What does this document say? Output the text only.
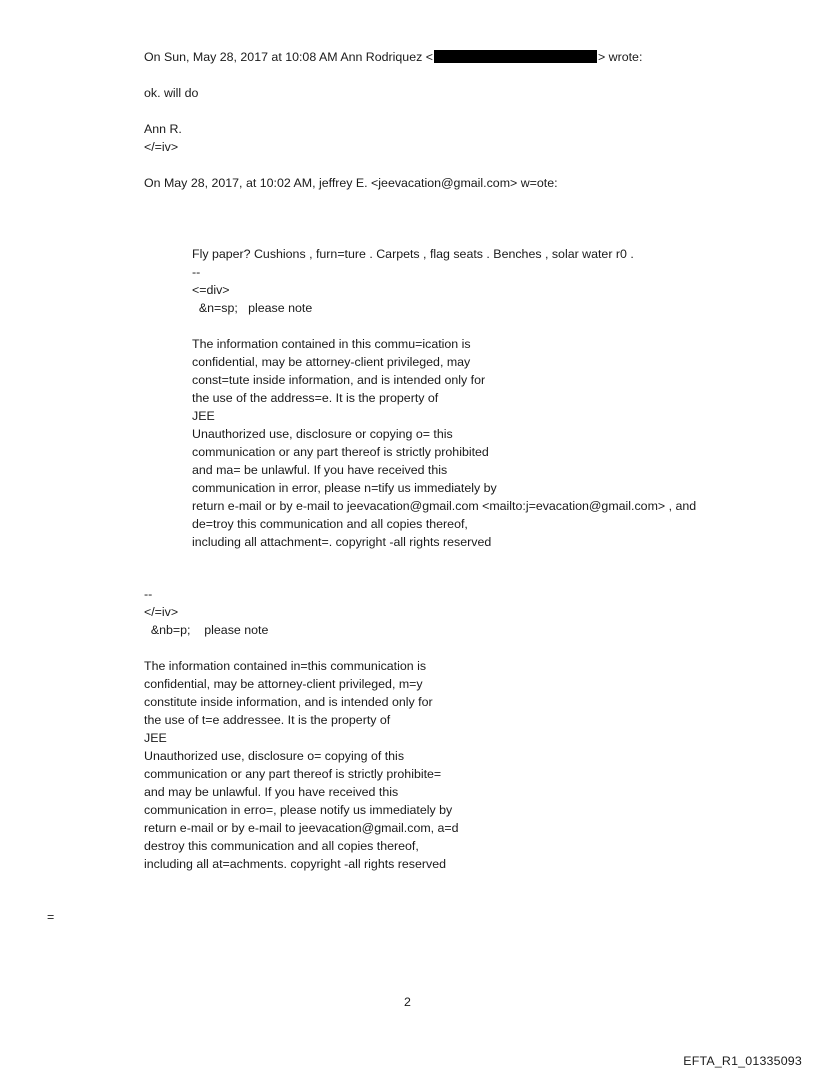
On Sun, May 28, 2017 at 10:08 AM Ann Rodriquez <	> wrote:
ok. will do
Ann R.
</=iv>
On May 28, 2017, at 10:02 AM, jeffrey E. <jeevacation@gmail.com> w=ote:
Fly paper? Cushions , furn=ture . Carpets , flag seats . Benches , solar water r0 .
--
<=div>
&n=sp;   please note
The information contained in this commu=ication is
confidential, may be attorney-client privileged, may
const=tute inside information, and is intended only for
the use of the address=e. It is the property of
JEE
Unauthorized use, disclosure or copying o= this
communication or any part thereof is strictly prohibited
and ma= be unlawful. If you have received this
communication in error, please n=tify us immediately by
return e-mail or by e-mail to jeevacation@gmail.com <mailto:j=evacation@gmail.com> , and
de=troy this communication and all copies thereof,
including all attachment=. copyright -all rights reserved
--
</=iv>
&nb=p;    please note
The information contained in=this communication is
confidential, may be attorney-client privileged, m=y
constitute inside information, and is intended only for
the use of t=e addressee. It is the property of
JEE
Unauthorized use, disclosure o= copying of this
communication or any part thereof is strictly prohibite=
and may be unlawful. If you have received this
communication in erro=, please notify us immediately by
return e-mail or by e-mail to jeevacation@gmail.com, a=d
destroy this communication and all copies thereof,
including all at=achments. copyright -all rights reserved
=
2
EFTA_R1_01335093
